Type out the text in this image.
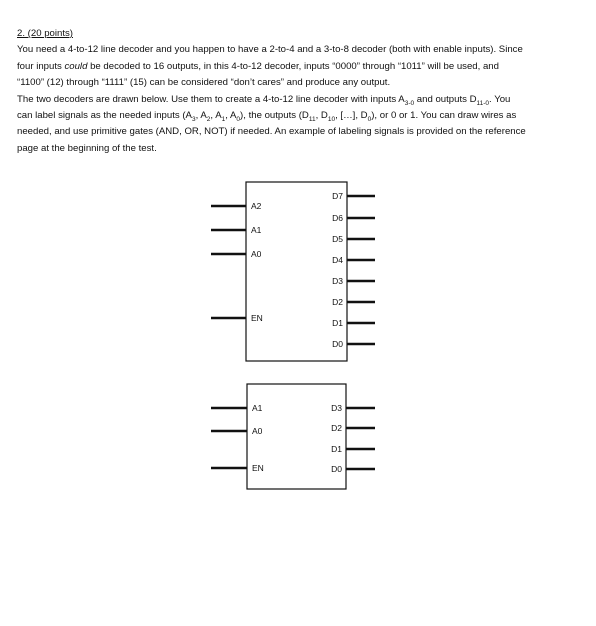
2. (20 points)
You need a 4-to-12 line decoder and you happen to have a 2-to-4 and a 3-to-8 decoder (both with enable inputs). Since
four inputs could be decoded to 16 outputs, in this 4-to-12 decoder, inputs “0000” through “1011” will be used, and
“1100” (12) through “1111” (15) can be considered “don’t cares” and produce any output.
The two decoders are drawn below. Use them to create a 4-to-12 line decoder with inputs $A_{3-0}$ and outputs $D_{11-0}$. You
can label signals as the needed inputs ($A_3$, $A_2$, $A_1$, $A_0$), the outputs ($D_{11}$, $D_{10}$, […], $D_0$), or 0 or 1. You can draw wires as
needed, and use primitive gates (AND, OR, NOT) if needed. An example of labeling signals is provided on the reference
page at the beginning of the test.
A2
A1
A0
EN
D7
D6
D5
D4
D3
D2
D1
D0
A1
A0
EN
D3
D2
D1
D0
